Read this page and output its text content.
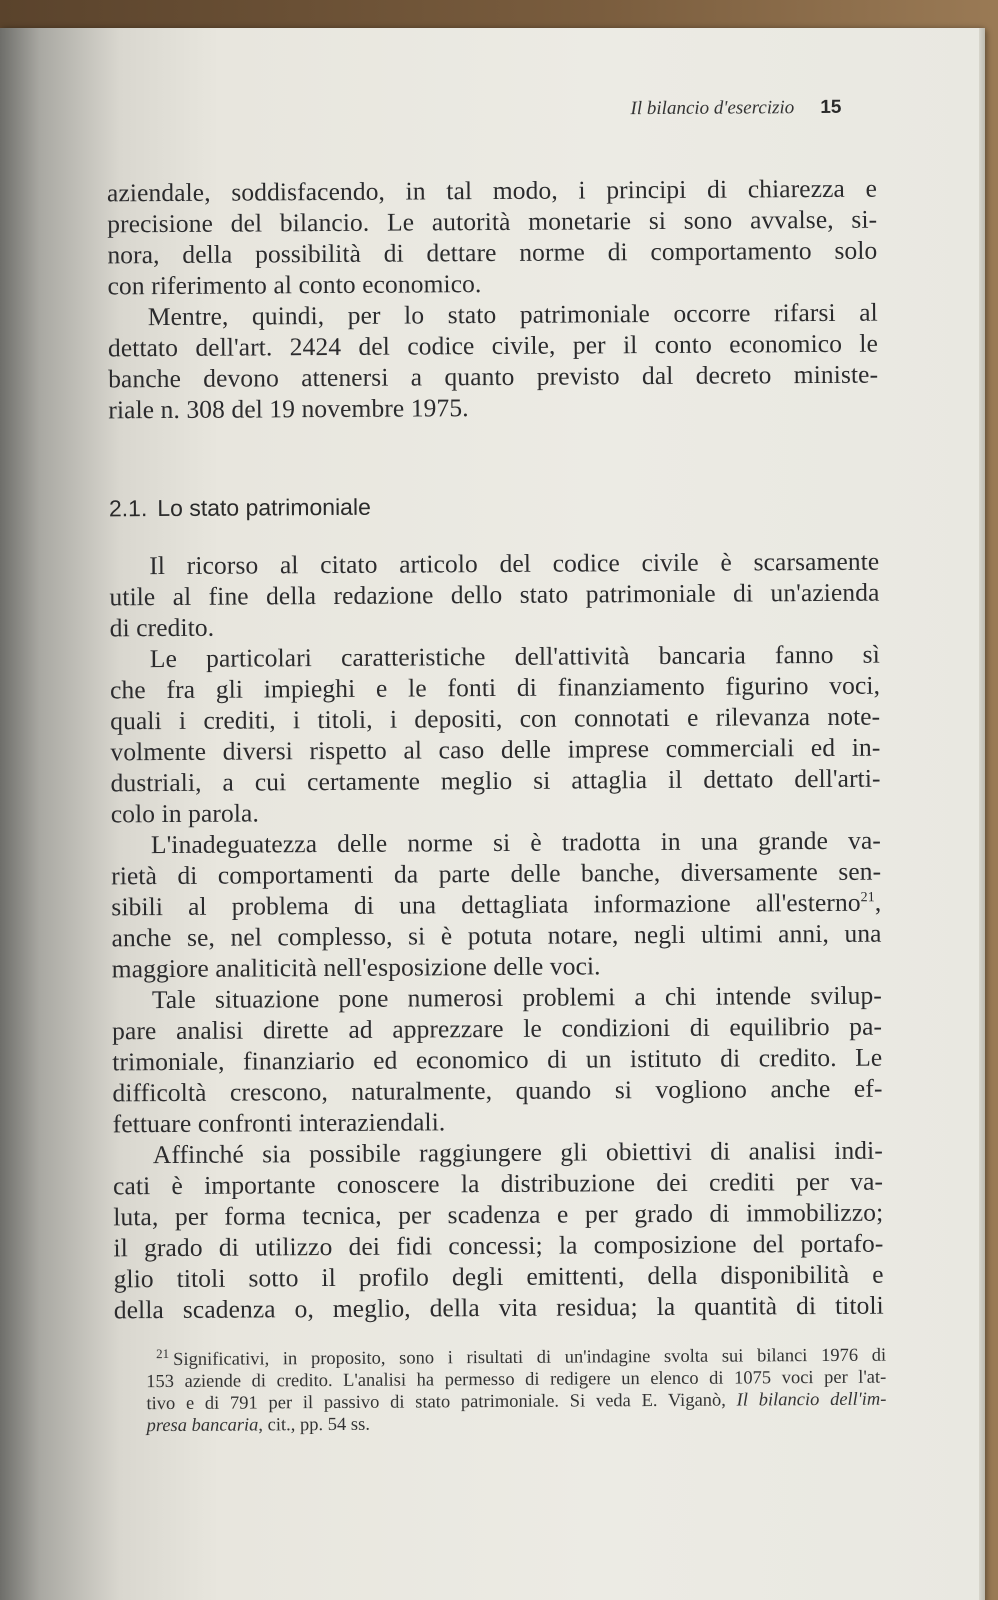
Il bilancio d'esercizio 15
aziendale, soddisfacendo, in tal modo, i principi di chiarezza e
precisione del bilancio. Le autorità monetarie si sono avvalse, si-
nora, della possibilità di dettare norme di comportamento solo
con riferimento al conto economico.
Mentre, quindi, per lo stato patrimoniale occorre rifarsi al
dettato dell'art. 2424 del codice civile, per il conto economico le
banche devono attenersi a quanto previsto dal decreto ministe-
riale n. 308 del 19 novembre 1975.
2.1. Lo stato patrimoniale
Il ricorso al citato articolo del codice civile è scarsamente
utile al fine della redazione dello stato patrimoniale di un'azienda
di credito.
Le particolari caratteristiche dell'attività bancaria fanno sì
che fra gli impieghi e le fonti di finanziamento figurino voci,
quali i crediti, i titoli, i depositi, con connotati e rilevanza note-
volmente diversi rispetto al caso delle imprese commerciali ed in-
dustriali, a cui certamente meglio si attaglia il dettato dell'arti-
colo in parola.
L'inadeguatezza delle norme si è tradotta in una grande va-
rietà di comportamenti da parte delle banche, diversamente sen-
sibili al problema di una dettagliata informazione all'esterno$^{21}$,
anche se, nel complesso, si è potuta notare, negli ultimi anni, una
maggiore analiticità nell'esposizione delle voci.
Tale situazione pone numerosi problemi a chi intende svilup-
pare analisi dirette ad apprezzare le condizioni di equilibrio pa-
trimoniale, finanziario ed economico di un istituto di credito. Le
difficoltà crescono, naturalmente, quando si vogliono anche ef-
fettuare confronti interaziendali.
Affinché sia possibile raggiungere gli obiettivi di analisi indi-
cati è importante conoscere la distribuzione dei crediti per va-
luta, per forma tecnica, per scadenza e per grado di immobilizzo;
il grado di utilizzo dei fidi concessi; la composizione del portafo-
glio titoli sotto il profilo degli emittenti, della disponibilità e
della scadenza o, meglio, della vita residua; la quantità di titoli
$^{21}$ Significativi, in proposito, sono i risultati di un'indagine svolta sui bilanci 1976 di
153 aziende di credito. L'analisi ha permesso di redigere un elenco di 1075 voci per l'at-
tivo e di 791 per il passivo di stato patrimoniale. Si veda E. Viganò, Il bilancio dell'im-
presa bancaria, cit., pp. 54 ss.
